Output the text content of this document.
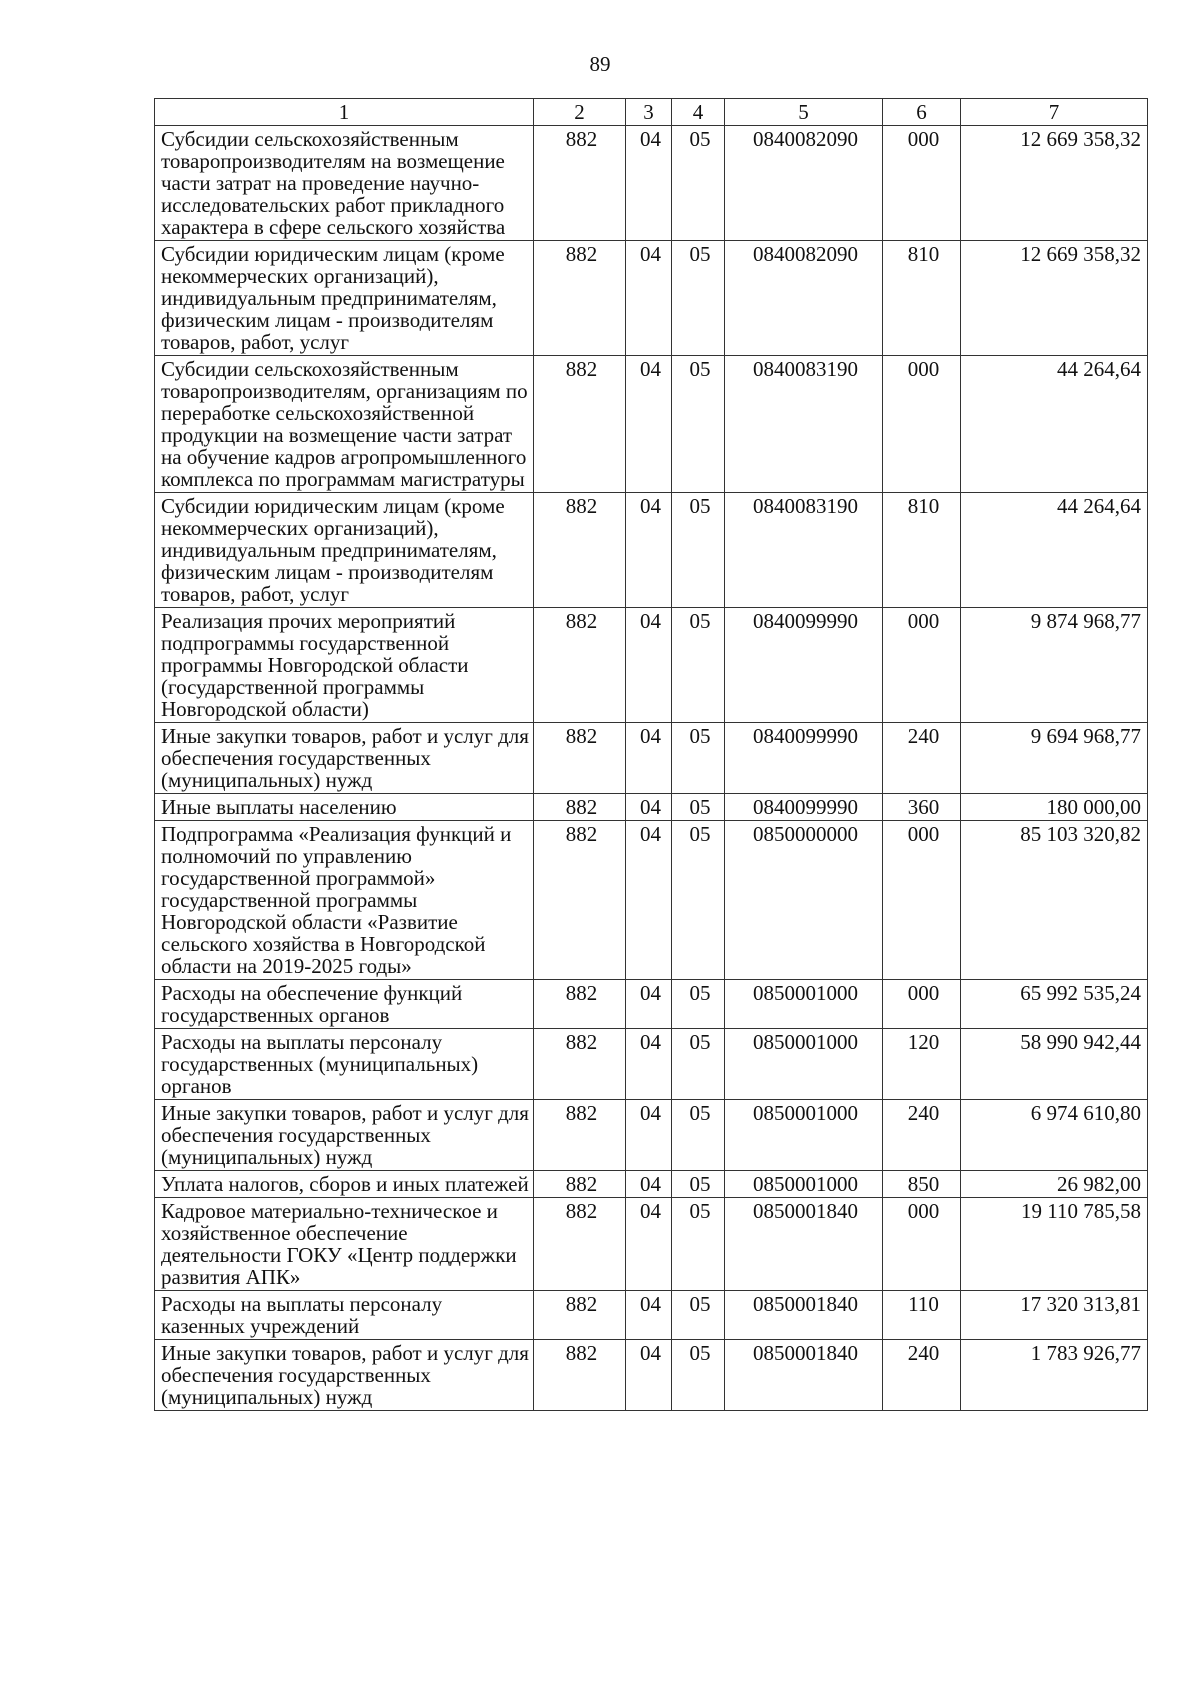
89
1	2	3	4	5	6	7
Субсидии сельскохозяйственным товаропроизводителям на возмещение части затрат на проведение научно-исследовательских работ прикладного характера в сфере сельского хозяйства	882	04	05	0840082090	000	12 669 358,32
Субсидии юридическим лицам (кроме некоммерческих организаций), индивидуальным предпринимателям, физическим лицам - производителям товаров, работ, услуг	882	04	05	0840082090	810	12 669 358,32
Субсидии сельскохозяйственным товаропроизводителям, организациям по переработке сельскохозяйственной продукции на возмещение части затрат на обучение кадров агропромышленного комплекса по программам магистратуры	882	04	05	0840083190	000	44 264,64
Субсидии юридическим лицам (кроме некоммерческих организаций), индивидуальным предпринимателям, физическим лицам - производителям товаров, работ, услуг	882	04	05	0840083190	810	44 264,64
Реализация прочих мероприятий подпрограммы государственной программы Новгородской области (государственной программы Новгородской области)	882	04	05	0840099990	000	9 874 968,77
Иные закупки товаров, работ и услуг для обеспечения государственных (муниципальных) нужд	882	04	05	0840099990	240	9 694 968,77
Иные выплаты населению	882	04	05	0840099990	360	180 000,00
Подпрограмма «Реализация функций и полномочий по управлению государственной программой» государственной программы Новгородской области «Развитие сельского хозяйства в Новгородской области на 2019-2025 годы»	882	04	05	0850000000	000	85 103 320,82
Расходы на обеспечение функций государственных органов	882	04	05	0850001000	000	65 992 535,24
Расходы на выплаты персоналу государственных (муниципальных) органов	882	04	05	0850001000	120	58 990 942,44
Иные закупки товаров, работ и услуг для обеспечения государственных (муниципальных) нужд	882	04	05	0850001000	240	6 974 610,80
Уплата налогов, сборов и иных платежей	882	04	05	0850001000	850	26 982,00
Кадровое материально-техническое и хозяйственное обеспечение деятельности ГОКУ «Центр поддержки развития АПК»	882	04	05	0850001840	000	19 110 785,58
Расходы на выплаты персоналу казенных учреждений	882	04	05	0850001840	110	17 320 313,81
Иные закупки товаров, работ и услуг для обеспечения государственных (муниципальных) нужд	882	04	05	0850001840	240	1 783 926,77
